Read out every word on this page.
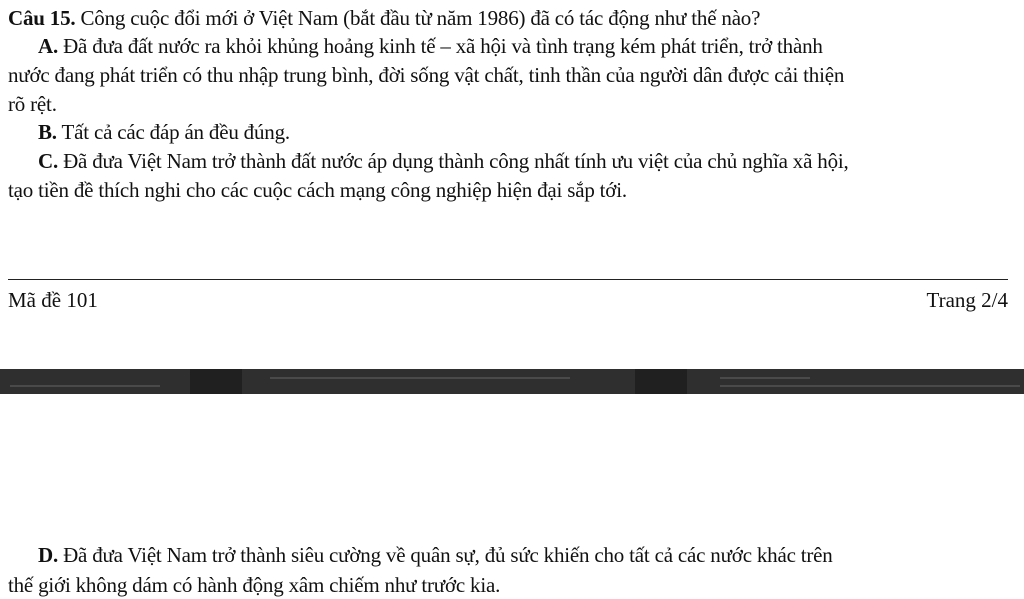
Câu 15. Công cuộc đổi mới ở Việt Nam (bắt đầu từ năm 1986) đã có tác động như thế nào?
A. Đã đưa đất nước ra khỏi khủng hoảng kinh tế – xã hội và tình trạng kém phát triển, trở thành
nước đang phát triển có thu nhập trung bình, đời sống vật chất, tinh thần của người dân được cải thiện
rõ rệt.
B. Tất cả các đáp án đều đúng.
C. Đã đưa Việt Nam trở thành đất nước áp dụng thành công nhất tính ưu việt của chủ nghĩa xã hội,
tạo tiền đề thích nghi cho các cuộc cách mạng công nghiệp hiện đại sắp tới.
Mã đề 101	Trang 2/4
D. Đã đưa Việt Nam trở thành siêu cường về quân sự, đủ sức khiến cho tất cả các nước khác trên
thế giới không dám có hành động xâm chiếm như trước kia.
